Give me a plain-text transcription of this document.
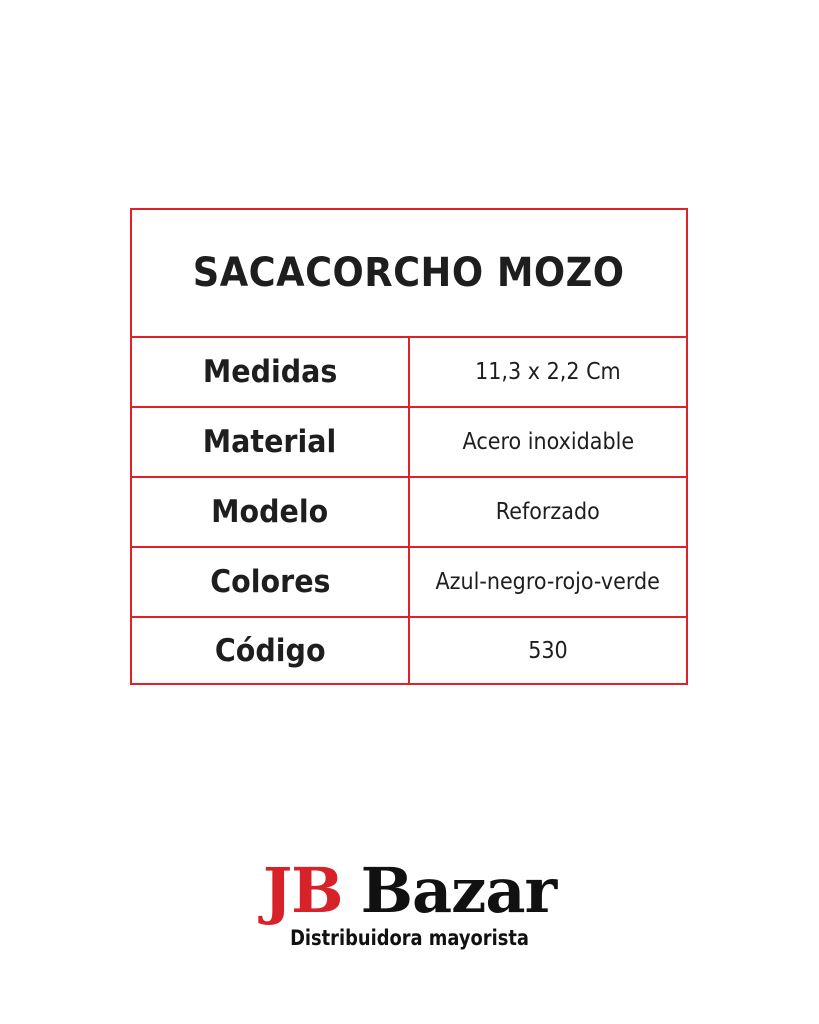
SACACORCHO MOZO
Medidas	11,3 x 2,2 Cm
Material	Acero inoxidable
Modelo	Reforzado
Colores	Azul-negro-rojo-verde
Código	530
JB Bazar
Distribuidora mayorista
